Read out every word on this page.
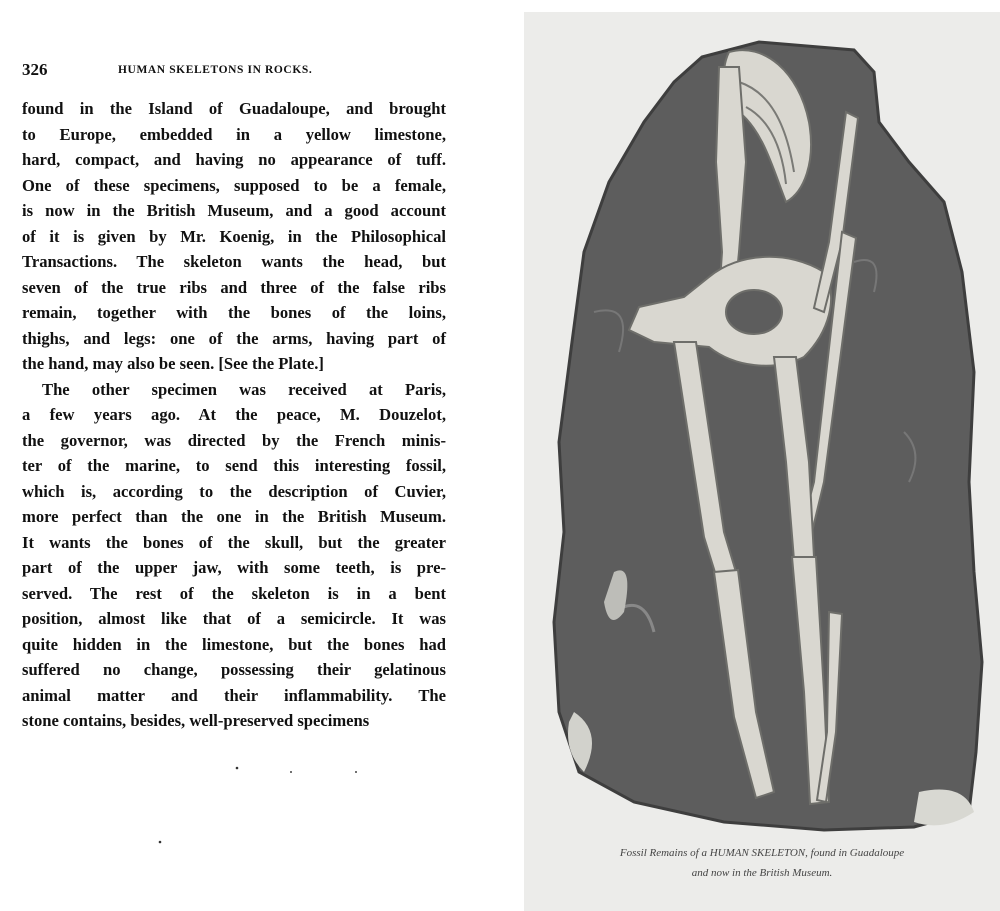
326	HUMAN SKELETONS IN ROCKS.
found in the Island of Guadaloupe, and brought
to Europe, embedded in a yellow limestone,
hard, compact, and having no appearance of tuff.
One of these specimens, supposed to be a female,
is now in the British Museum, and a good account
of it is given by Mr. Koenig, in the Philosophical
Transactions. The skeleton wants the head, but
seven of the true ribs and three of the false ribs
remain, together with the bones of the loins,
thighs, and legs: one of the arms, having part of
the hand, may also be seen. [See the Plate.]
The other specimen was received at Paris,
a few years ago. At the peace, M. Douzelot,
the governor, was directed by the French minis-
ter of the marine, to send this interesting fossil,
which is, according to the description of Cuvier,
more perfect than the one in the British Museum.
It wants the bones of the skull, but the greater
part of the upper jaw, with some teeth, is pre-
served. The rest of the skeleton is in a bent
position, almost like that of a semicircle. It was
quite hidden in the limestone, but the bones had
suffered no change, possessing their gelatinous
animal matter and their inflammability. The
stone contains, besides, well-preserved specimens
Fossil Remains of a HUMAN SKELETON, found in Guadaloupe
and now in the British Museum.
